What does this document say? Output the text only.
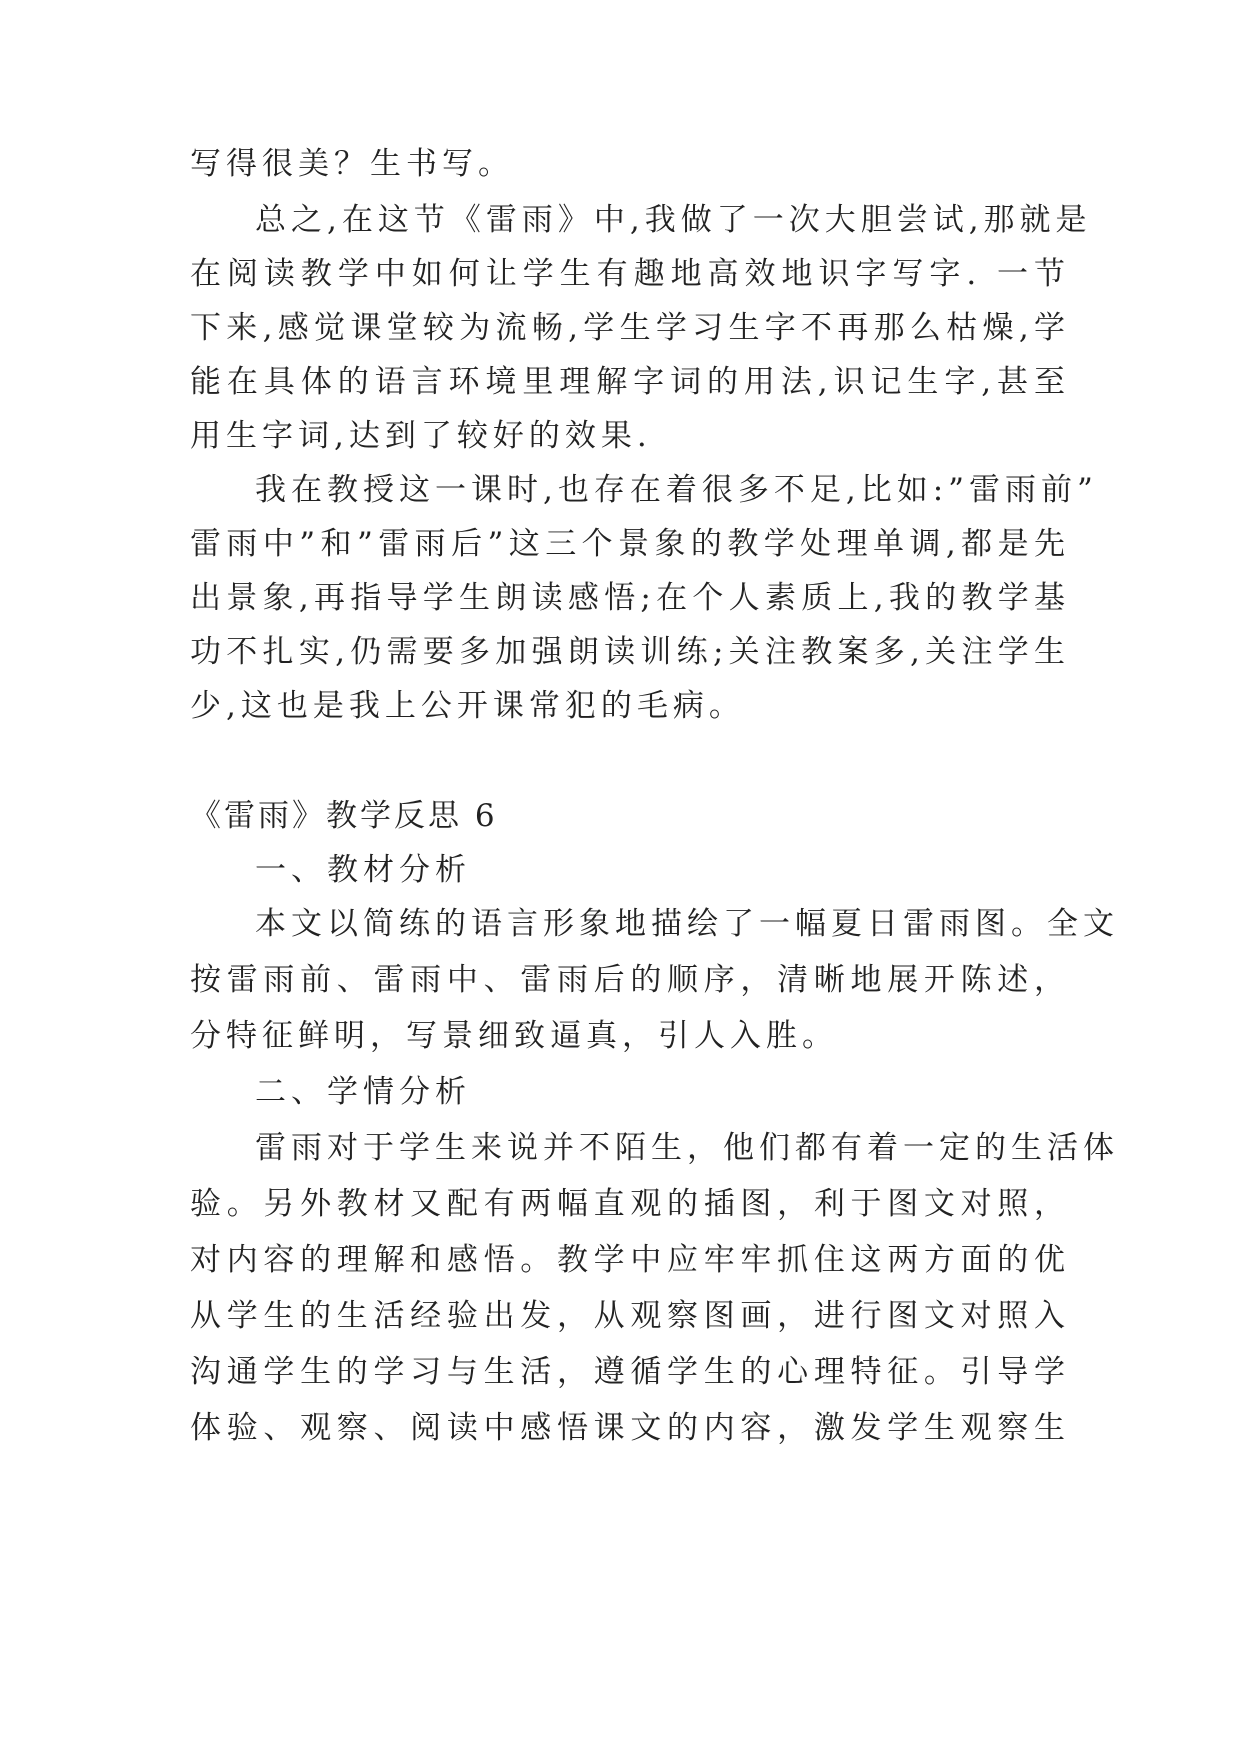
写得很美？生书写。
总之,在这节《雷雨》中,我做了一次大胆尝试,那就是
在阅读教学中如何让学生有趣地高效地识字写字. 一节
下来,感觉课堂较为流畅,学生学习生字不再那么枯燥,学
能在具体的语言环境里理解字词的用法,识记生字,甚至
用生字词,达到了较好的效果.
我在教授这一课时,也存在着很多不足,比如:”雷雨前”
雷雨中”和”雷雨后”这三个景象的教学处理单调,都是先
出景象,再指导学生朗读感悟;在个人素质上,我的教学基
功不扎实,仍需要多加强朗读训练;关注教案多,关注学生
少,这也是我上公开课常犯的毛病。
《雷雨》教学反思 6
一、教材分析
本文以简练的语言形象地描绘了一幅夏日雷雨图。全文
按雷雨前、雷雨中、雷雨后的顺序，清晰地展开陈述，
分特征鲜明，写景细致逼真，引人入胜。
二、学情分析
雷雨对于学生来说并不陌生，他们都有着一定的生活体
验。另外教材又配有两幅直观的插图，利于图文对照，
对内容的理解和感悟。教学中应牢牢抓住这两方面的优
从学生的生活经验出发，从观察图画，进行图文对照入
沟通学生的学习与生活，遵循学生的心理特征。引导学
体验、观察、阅读中感悟课文的内容，激发学生观察生
